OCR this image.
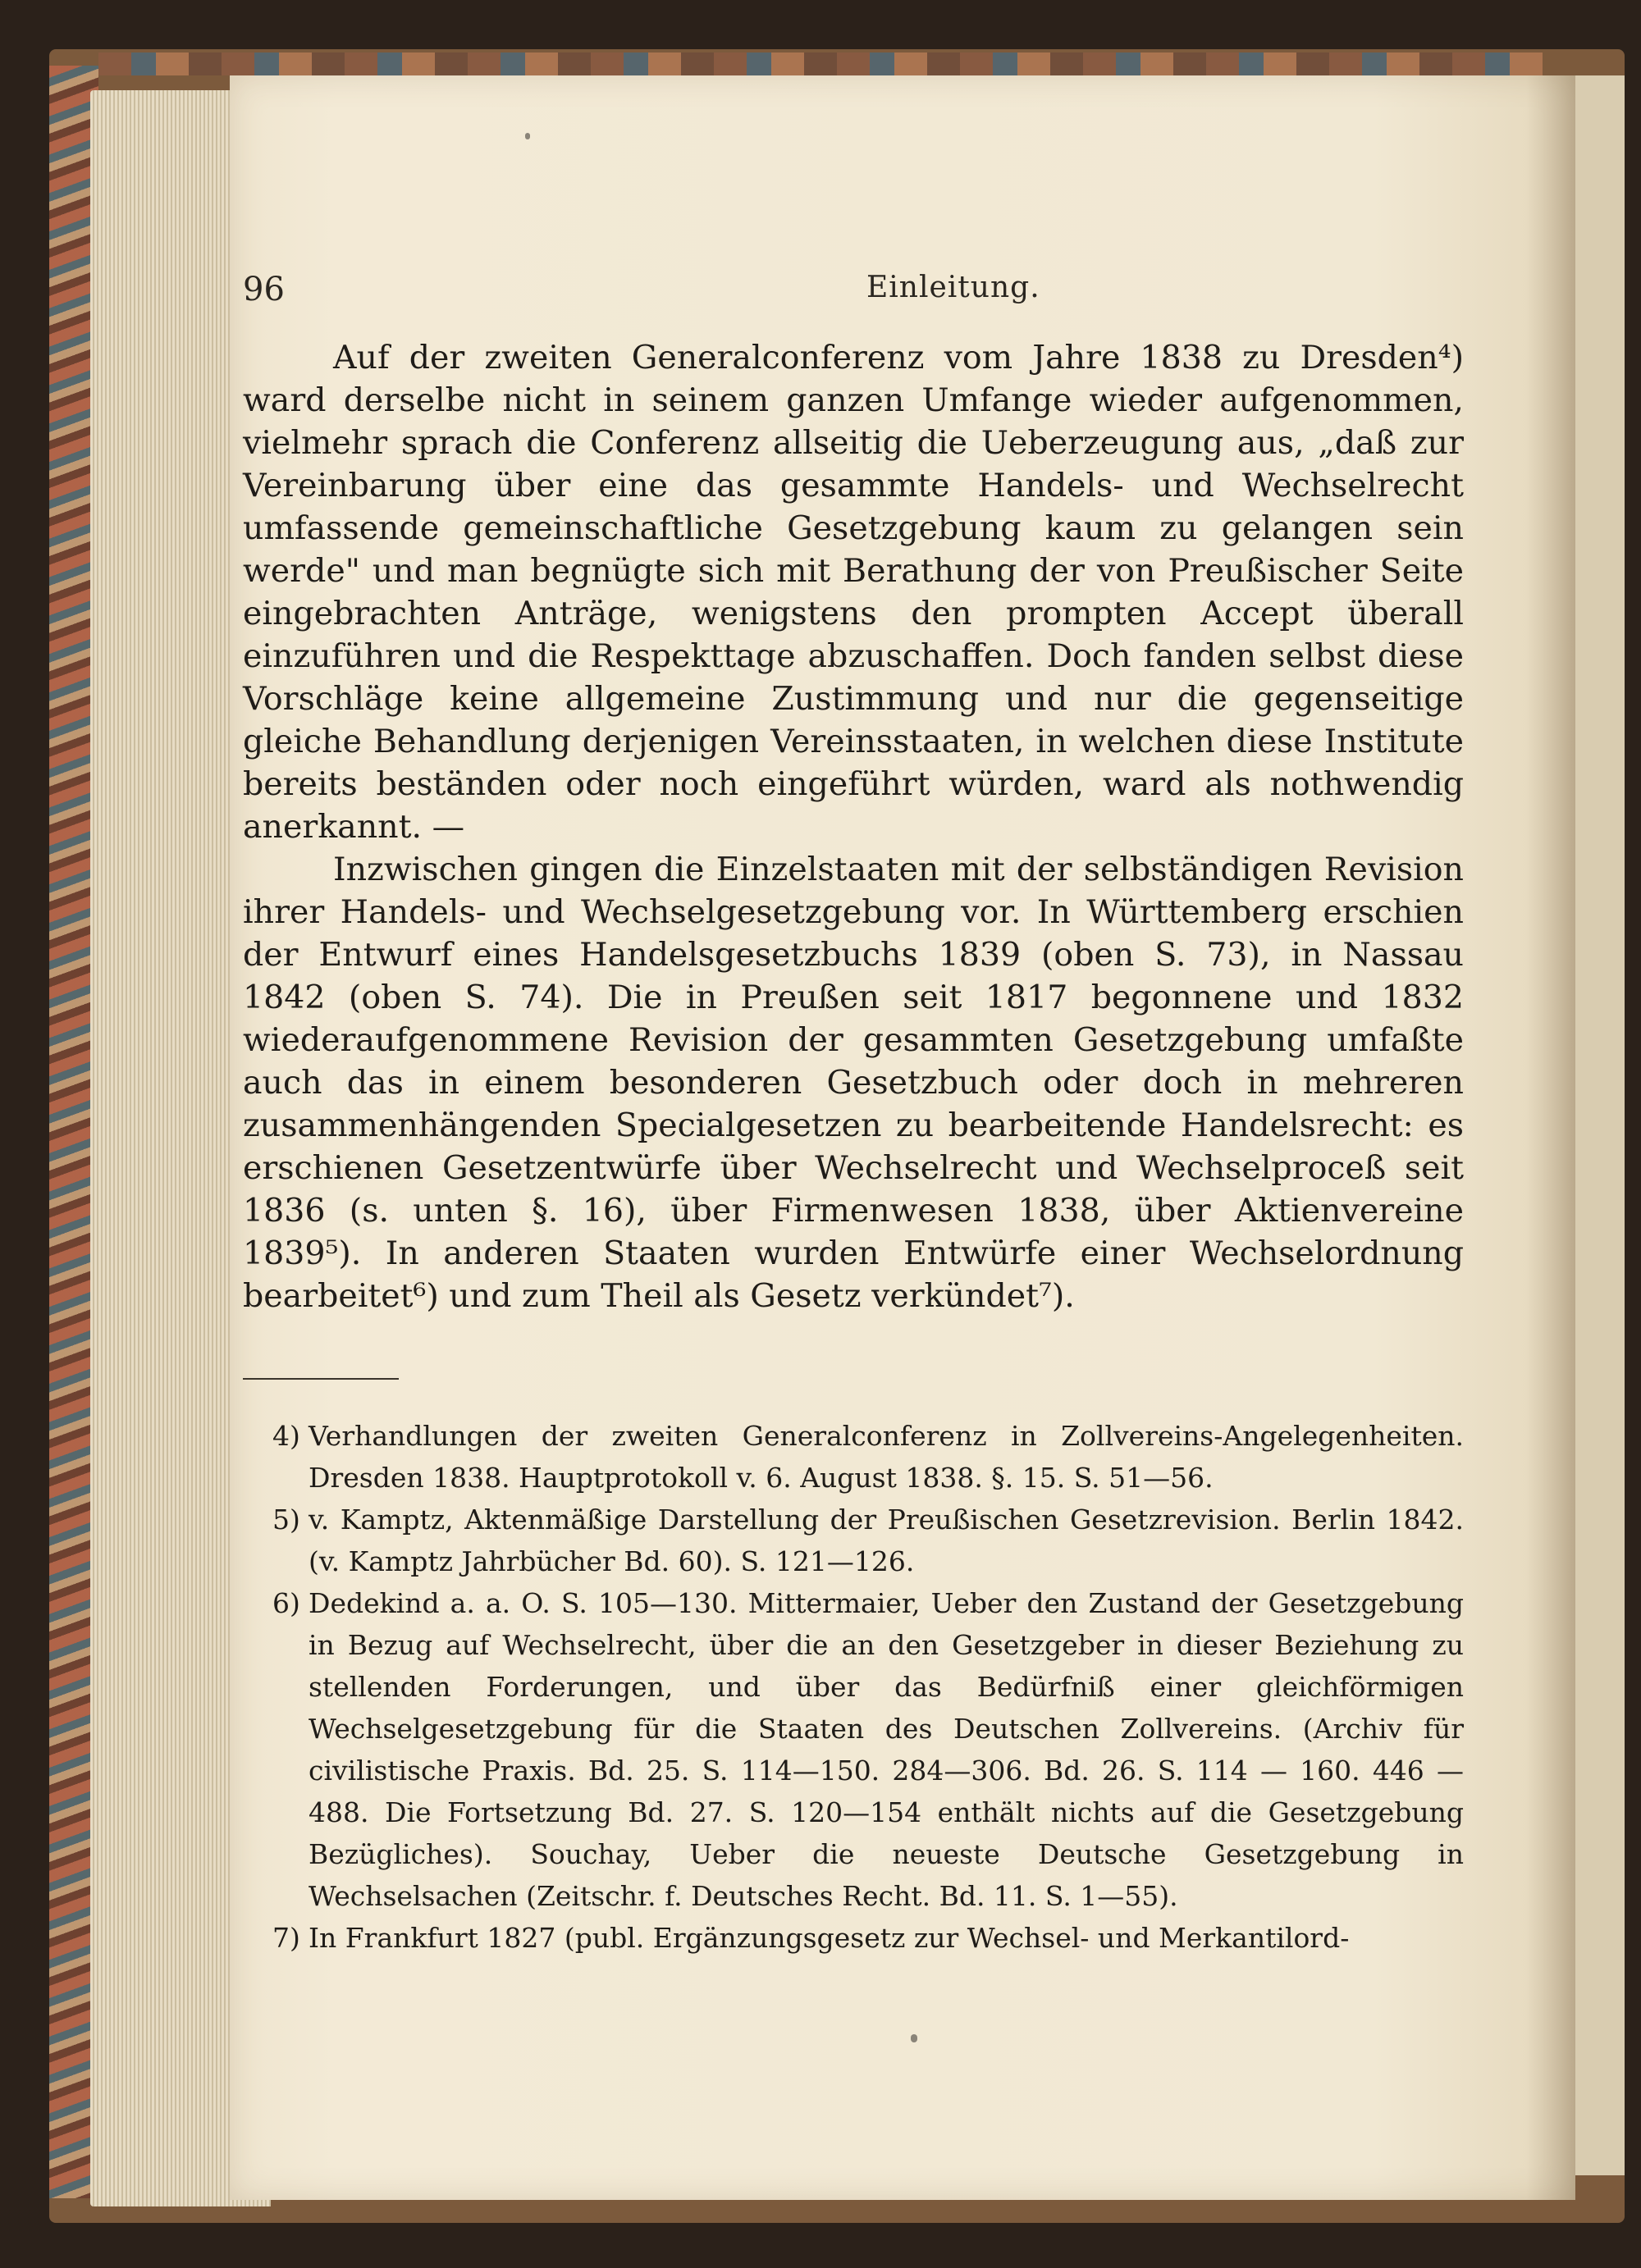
96	Einleitung.

Auf der zweiten Generalconferenz vom Jahre 1838 zu Dresden⁴) ward derselbe nicht in seinem ganzen Umfange wieder aufgenommen, vielmehr sprach die Conferenz allseitig die Ueberzeugung aus, „daß zur Vereinbarung über eine das gesammte Handels- und Wechselrecht umfassende gemeinschaftliche Gesetzgebung kaum zu gelangen sein werde" und man begnügte sich mit Berathung der von Preußischer Seite eingebrachten Anträge, wenigstens den prompten Accept überall einzuführen und die Respekttage abzuschaffen. Doch fanden selbst diese Vorschläge keine allgemeine Zustimmung und nur die gegenseitige gleiche Behandlung derjenigen Vereinsstaaten, in welchen diese Institute bereits beständen oder noch eingeführt würden, ward als nothwendig anerkannt. —

Inzwischen gingen die Einzelstaaten mit der selbständigen Revision ihrer Handels- und Wechselgesetzgebung vor. In Württemberg erschien der Entwurf eines Handelsgesetzbuchs 1839 (oben S. 73), in Nassau 1842 (oben S. 74). Die in Preußen seit 1817 begonnene und 1832 wiederaufgenommene Revision der gesammten Gesetzgebung umfaßte auch das in einem besonderen Gesetzbuch oder doch in mehreren zusammenhängenden Specialgesetzen zu bearbeitende Handelsrecht: es erschienen Gesetzentwürfe über Wechselrecht und Wechselproceß seit 1836 (s. unten §. 16), über Firmenwesen 1838, über Aktienvereine 1839⁵). In anderen Staaten wurden Entwürfe einer Wechselordnung bearbeitet⁶) und zum Theil als Gesetz verkündet⁷).

4) Verhandlungen der zweiten Generalconferenz in Zollvereins-Angelegenheiten. Dresden 1838. Hauptprotokoll v. 6. August 1838. §. 15. S. 51—56.
5) v. Kamptz, Aktenmäßige Darstellung der Preußischen Gesetzrevision. Berlin 1842. (v. Kamptz Jahrbücher Bd. 60). S. 121—126.
6) Dedekind a. a. O. S. 105—130. Mittermaier, Ueber den Zustand der Gesetzgebung in Bezug auf Wechselrecht, über die an den Gesetzgeber in dieser Beziehung zu stellenden Forderungen, und über das Bedürfniß einer gleichförmigen Wechselgesetzgebung für die Staaten des Deutschen Zollvereins. (Archiv für civilistische Praxis. Bd. 25. S. 114—150. 284—306. Bd. 26. S. 114 — 160. 446 — 488. Die Fortsetzung Bd. 27. S. 120—154 enthält nichts auf die Gesetzgebung Bezügliches). Souchay, Ueber die neueste Deutsche Gesetzgebung in Wechselsachen (Zeitschr. f. Deutsches Recht. Bd. 11. S. 1—55).
7) In Frankfurt 1827 (publ. Ergänzungsgesetz zur Wechsel- und Merkantilord-
